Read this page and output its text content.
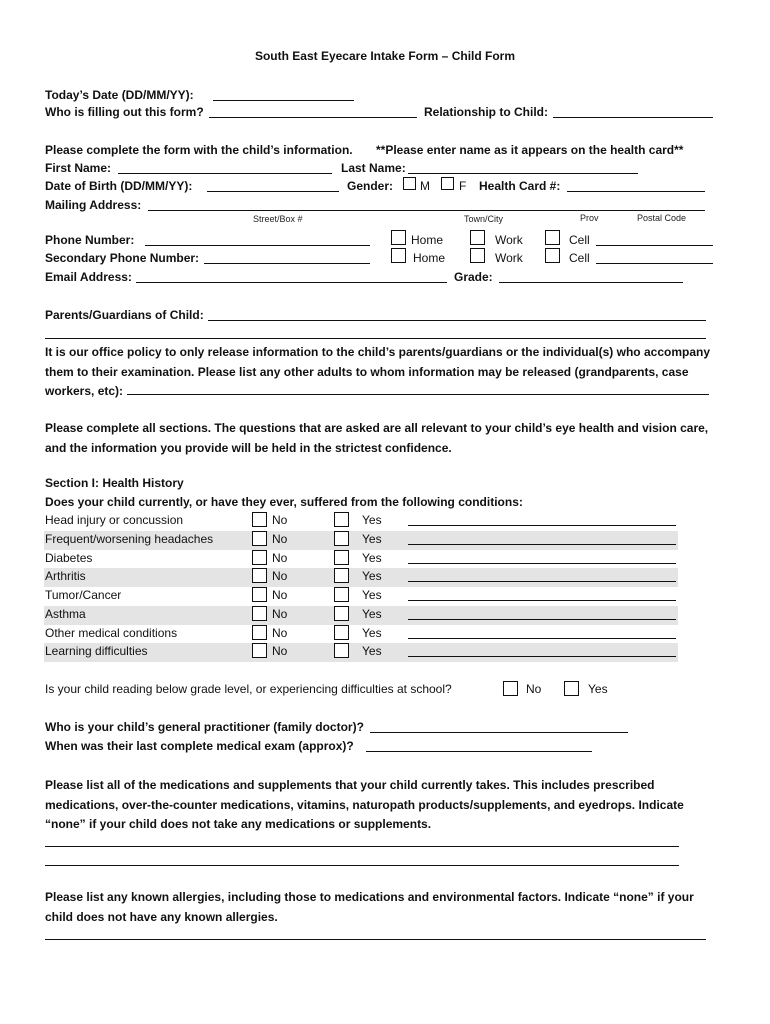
South East Eyecare Intake Form – Child Form
Today’s Date (DD/MM/YY):
Who is filling out this form?	Relationship to Child:
Please complete the form with the child’s information. **Please enter name as it appears on the health card**
First Name:	Last Name:
Date of Birth (DD/MM/YY):	Gender: M F Health Card #:
Mailing Address:
Street/Box #	Town/City	Prov	Postal Code
Phone Number:	Home	Work	Cell
Secondary Phone Number:	Home	Work	Cell
Email Address:	Grade:
Parents/Guardians of Child:
It is our office policy to only release information to the child’s parents/guardians or the individual(s) who accompany them to their examination. Please list any other adults to whom information may be released (grandparents, case workers, etc):
Please complete all sections. The questions that are asked are all relevant to your child’s eye health and vision care, and the information you provide will be held in the strictest confidence.
Section I: Health History
Does your child currently, or have they ever, suffered from the following conditions:
Head injury or concussion	No	Yes
Frequent/worsening headaches	No	Yes
Diabetes	No	Yes
Arthritis	No	Yes
Tumor/Cancer	No	Yes
Asthma	No	Yes
Other medical conditions	No	Yes
Learning difficulties	No	Yes
Is your child reading below grade level, or experiencing difficulties at school?	No	Yes
Who is your child’s general practitioner (family doctor)?
When was their last complete medical exam (approx)?
Please list all of the medications and supplements that your child currently takes. This includes prescribed medications, over-the-counter medications, vitamins, naturopath products/supplements, and eyedrops. Indicate “none” if your child does not take any medications or supplements.
Please list any known allergies, including those to medications and environmental factors. Indicate “none” if your child does not have any known allergies.
